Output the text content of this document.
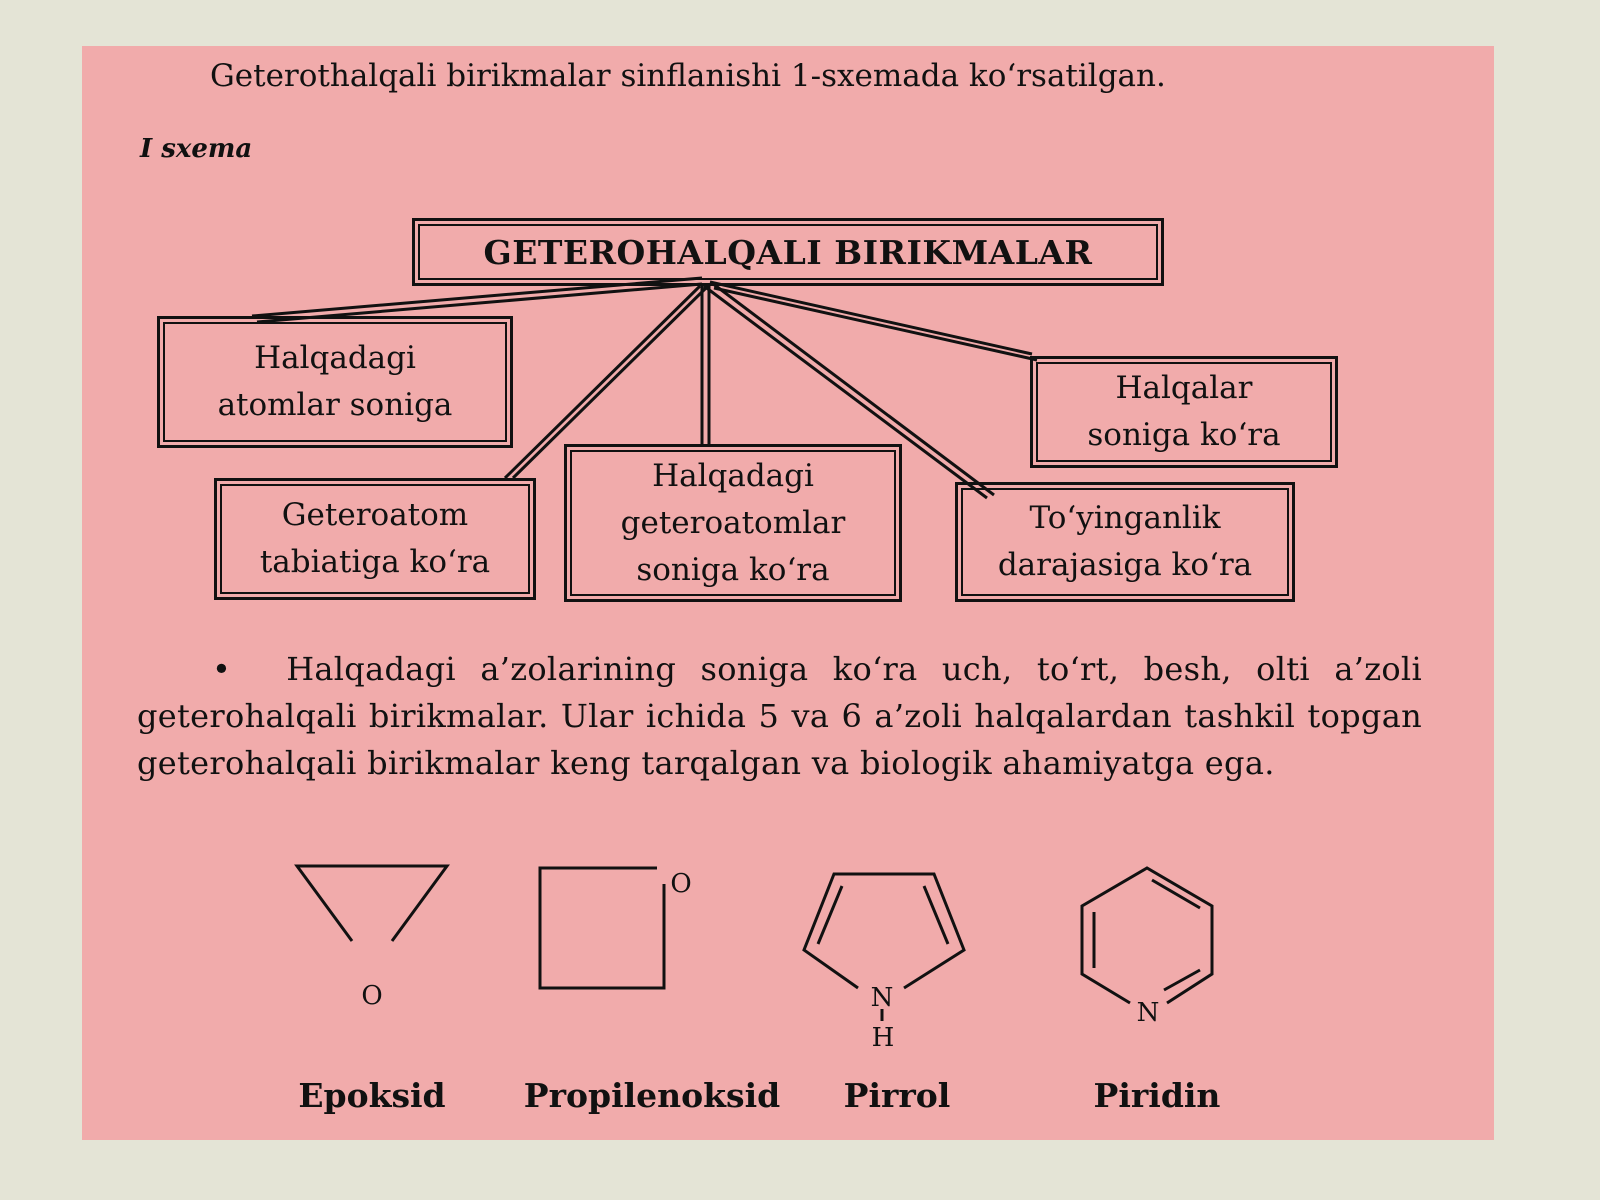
Geterothalqali birikmalar sinflanishi 1-sxemada koʻrsatilgan.
I sxema
GETEROHALQALI BIRIKMALAR
Halqadagi
atomlar soniga
Geteroatom
tabiatiga koʻra
Halqadagi
geteroatomlar
soniga koʻra
Toʻyinganlik
darajasiga koʻra
Halqalar
soniga koʻra

• Halqadagi a’zolarining soniga koʻra uch, toʻrt, besh, olti a’zoli geterohalqali birikmalar. Ular ichida 5 va 6 a’zoli halqalardan tashkil topgan geterohalqali birikmalar keng tarqalgan va biologik ahamiyatga ega.

O
O
N
H
N
Epoksid	Propilenoksid	Pirrol	Piridin
